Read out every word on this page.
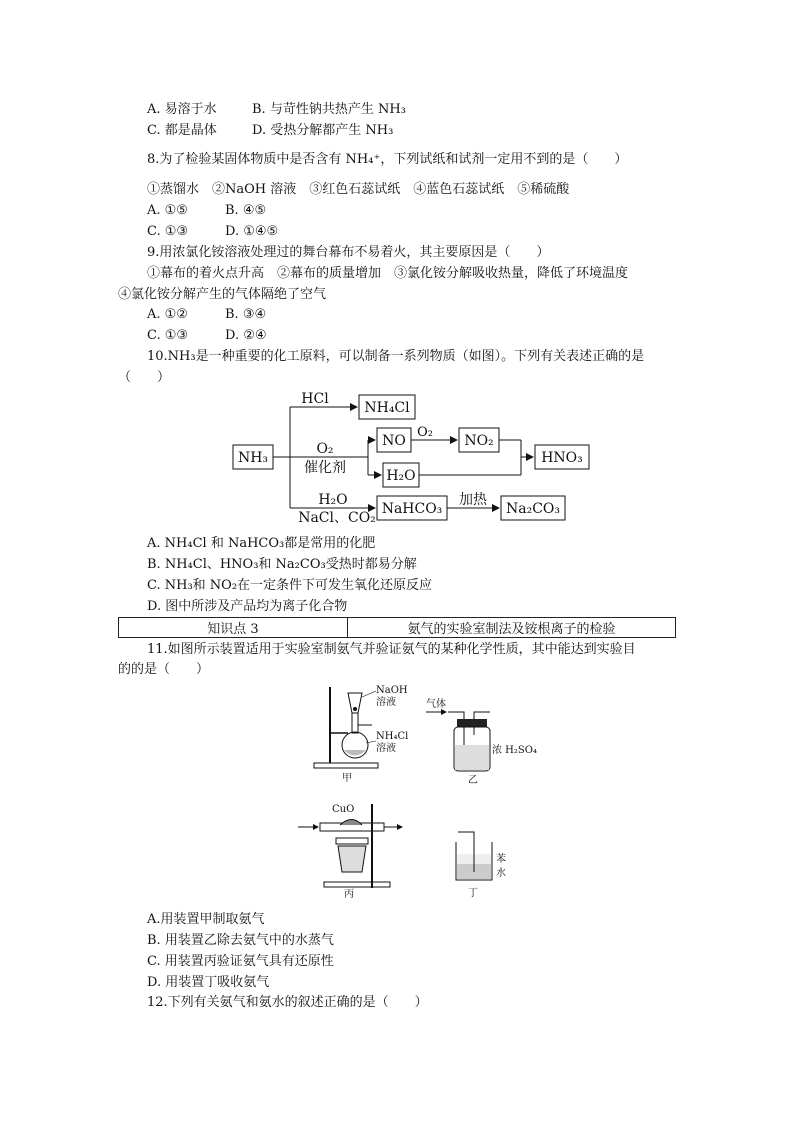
A. 易溶于水	B. 与苛性钠共热产生 NH₃
C. 都是晶体	D. 受热分解都产生 NH₃
8.为了检验某固体物质中是否含有 NH₄⁺，下列试纸和试剂一定用不到的是（　　）
①蒸馏水　②NaOH 溶液　③红色石蕊试纸　④蓝色石蕊试纸　⑤稀硫酸
A. ①⑤	B. ④⑤
C. ①③	D. ①④⑤
9.用浓氯化铵溶液处理过的舞台幕布不易着火，其主要原因是（　　）
①幕布的着火点升高　②幕布的质量增加　③氯化铵分解吸收热量，降低了环境温度
④氯化铵分解产生的气体隔绝了空气
A. ①②	B. ③④
C. ①③	D. ②④
10.NH₃是一种重要的化工原料，可以制备一系列物质（如图）。下列有关表述正确的是
（　　）
NH₃
HCl
NH₄Cl
O₂
催化剂
NO
O₂
NO₂
H₂O
HNO₃
H₂O
NaCl、CO₂
NaHCO₃
加热
Na₂CO₃
A. NH₄Cl 和 NaHCO₃都是常用的化肥
B. NH₄Cl、HNO₃和 Na₂CO₃受热时都易分解
C. NH₃和 NO₂在一定条件下可发生氧化还原反应
D. 图中所涉及产品均为离子化合物
知识点 3	氨气的实验室制法及铵根离子的检验
11.如图所示装置适用于实验室制氨气并验证氨气的某种化学性质，其中能达到实验目
的的是（　　）
NaOH
溶液
NH₄Cl
溶液
甲
气体
浓 H₂SO₄
乙
CuO
丙
苯
水
丁
A.用装置甲制取氨气
B. 用装置乙除去氨气中的水蒸气
C. 用装置丙验证氨气具有还原性
D. 用装置丁吸收氨气
12.下列有关氨气和氨水的叙述正确的是（　　）
